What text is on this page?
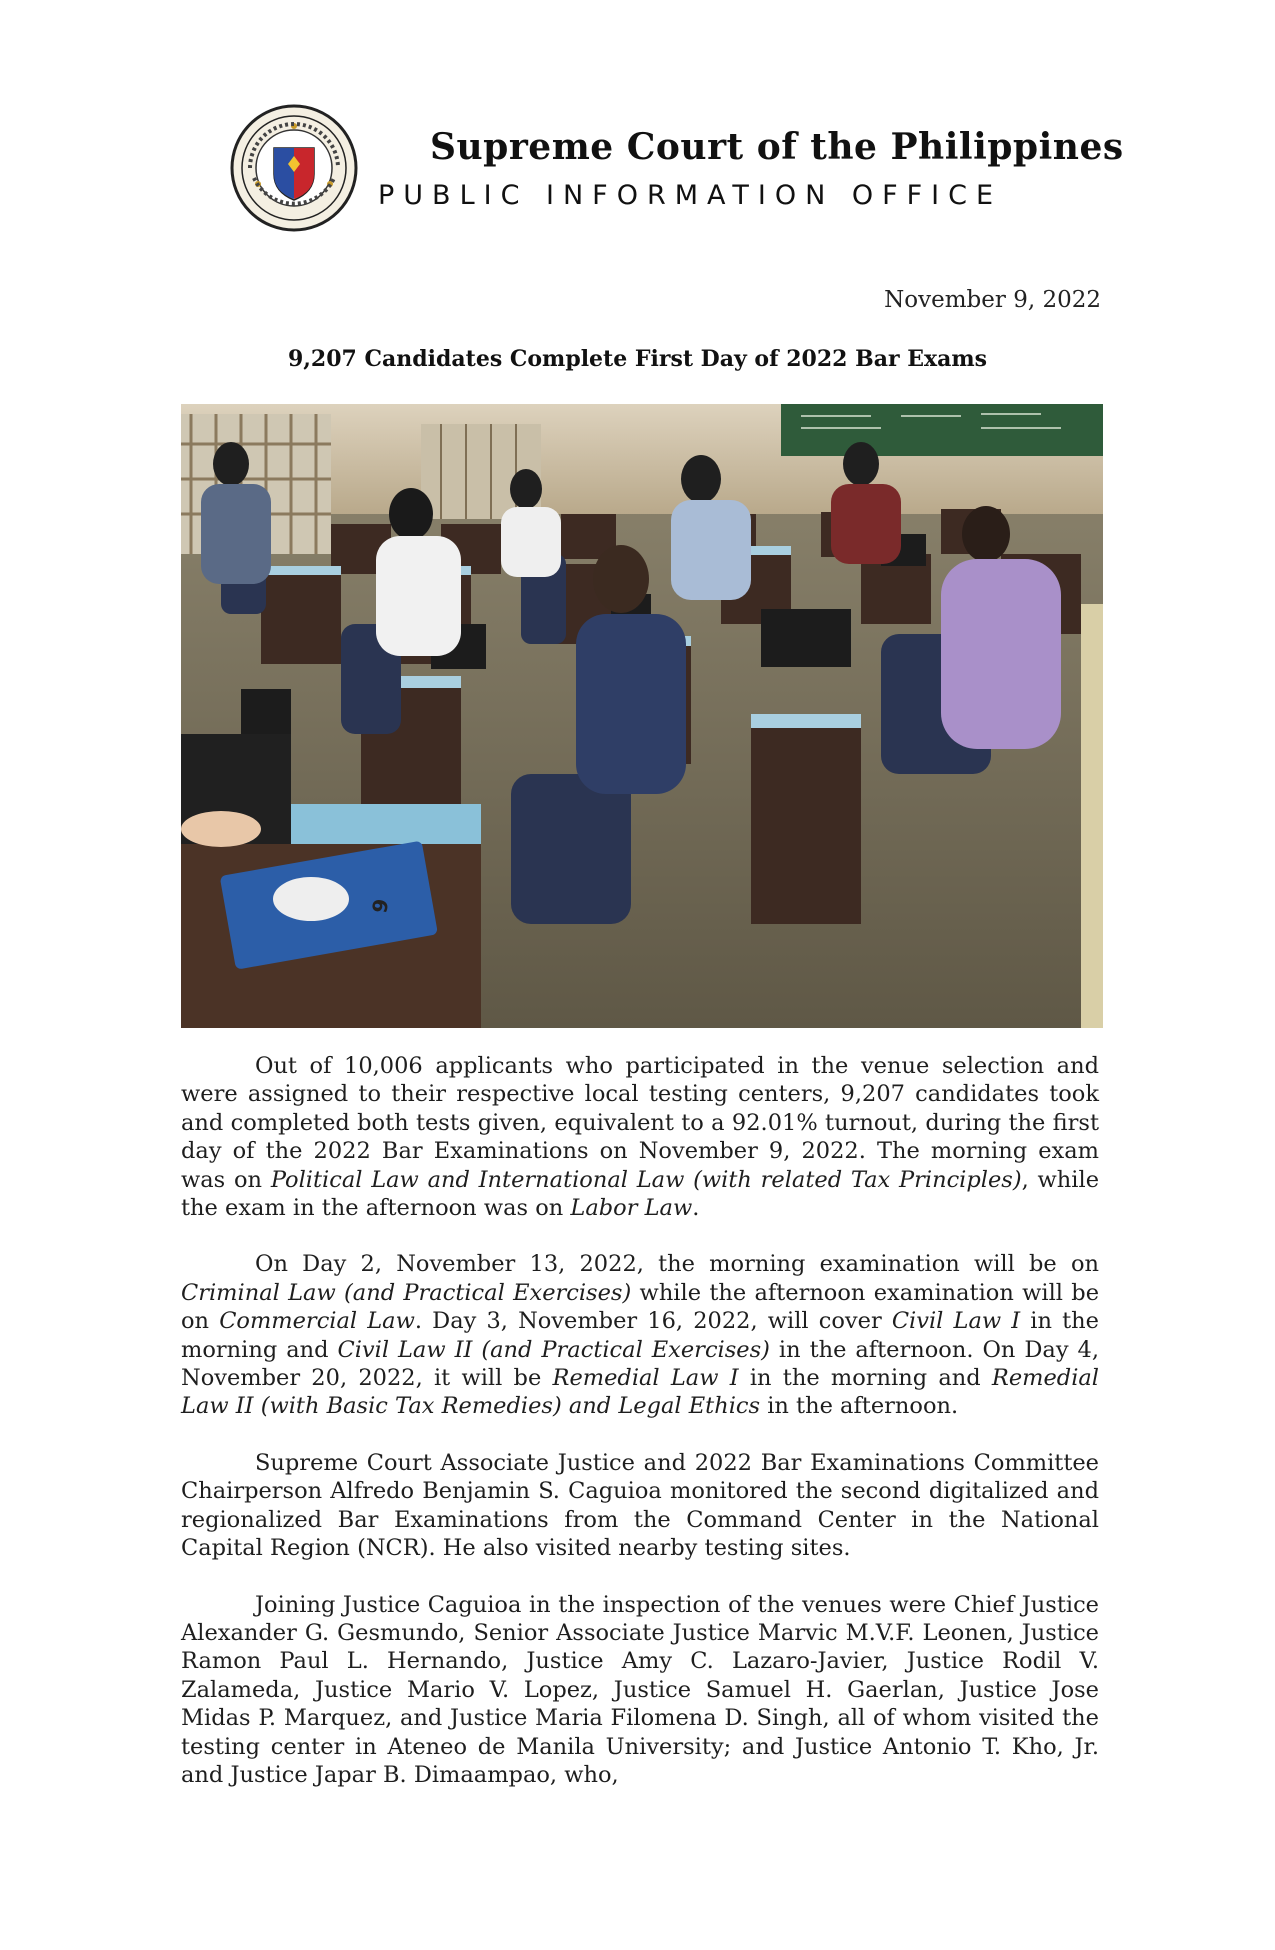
Supreme Court of the Philippines
PUBLIC INFORMATION OFFICE
November 9, 2022
9,207 Candidates Complete First Day of 2022 Bar Exams
9

Out of 10,006 applicants who participated in the venue selection and were assigned to their respective local testing centers, 9,207 candidates took and completed both tests given, equivalent to a 92.01% turnout, during the first day of the 2022 Bar Examinations on November 9, 2022. The morning exam was on Political Law and International Law (with related Tax Principles), while the exam in the afternoon was on Labor Law.

On Day 2, November 13, 2022, the morning examination will be on Criminal Law (and Practical Exercises) while the afternoon examination will be on Commercial Law. Day 3, November 16, 2022, will cover Civil Law I in the morning and Civil Law II (and Practical Exercises) in the afternoon. On Day 4, November 20, 2022, it will be Remedial Law I in the morning and Remedial Law II (with Basic Tax Remedies) and Legal Ethics in the afternoon.

Supreme Court Associate Justice and 2022 Bar Examinations Committee Chairperson Alfredo Benjamin S. Caguioa monitored the second digitalized and regionalized Bar Examinations from the Command Center in the National Capital Region (NCR). He also visited nearby testing sites.

Joining Justice Caguioa in the inspection of the venues were Chief Justice Alexander G. Gesmundo, Senior Associate Justice Marvic M.V.F. Leonen, Justice Ramon Paul L. Hernando, Justice Amy C. Lazaro-Javier, Justice Rodil V. Zalameda, Justice Mario V. Lopez, Justice Samuel H. Gaerlan, Justice Jose Midas P. Marquez, and Justice Maria Filomena D. Singh, all of whom visited the testing center in Ateneo de Manila University; and Justice Antonio T. Kho, Jr. and Justice Japar B. Dimaampao, who,
